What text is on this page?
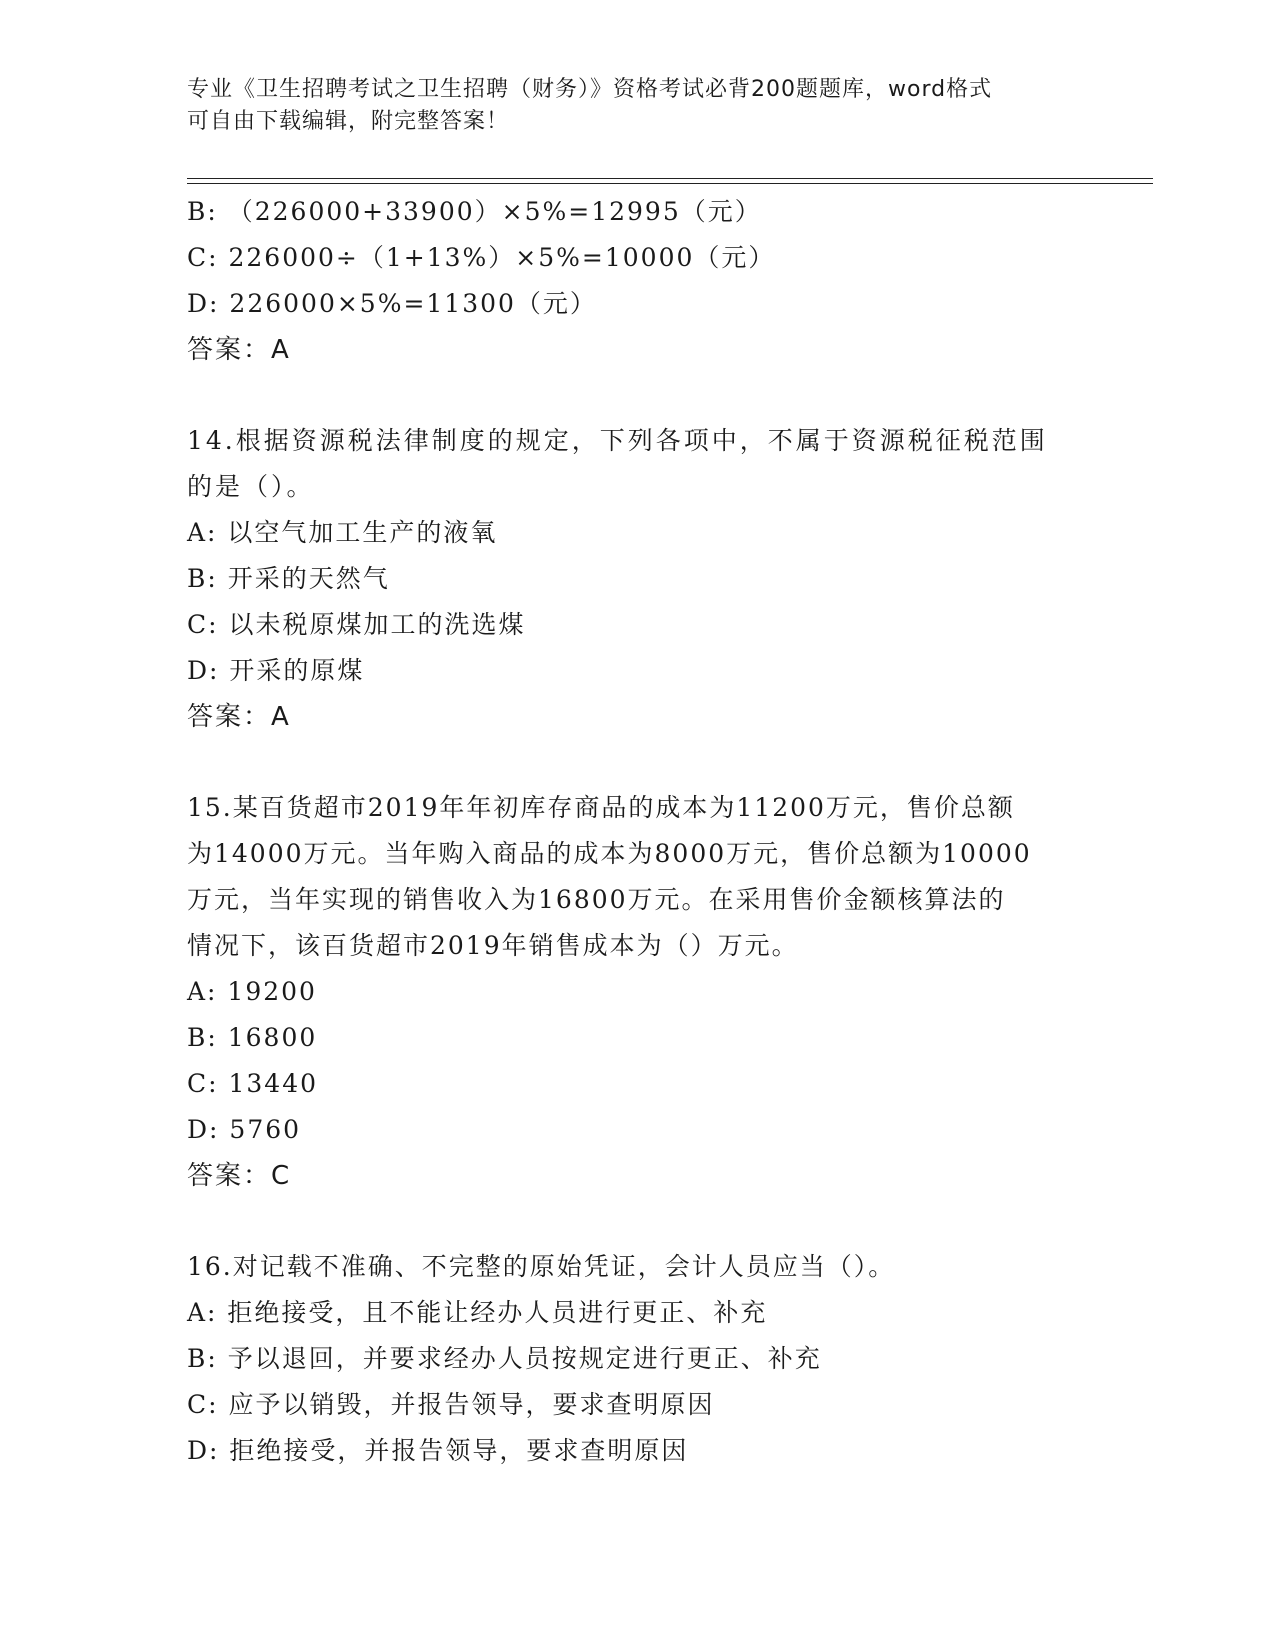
专业《卫生招聘考试之卫生招聘（财务）》资格考试必背200题题库，word格式
可自由下载编辑，附完整答案！
B: （226000+33900）×5%=12995（元）
C: 226000÷（1+13%）×5%=10000（元）
D: 226000×5%=11300（元）
答案：A
14.根据资源税法律制度的规定，下列各项中，不属于资源税征税范围
的是（）。
A: 以空气加工生产的液氧
B: 开采的天然气
C: 以未税原煤加工的洗选煤
D: 开采的原煤
答案：A
15.某百货超市2019年年初库存商品的成本为11200万元，售价总额
为14000万元。当年购入商品的成本为8000万元，售价总额为10000
万元，当年实现的销售收入为16800万元。在采用售价金额核算法的
情况下，该百货超市2019年销售成本为（）万元。
A: 19200
B: 16800
C: 13440
D: 5760
答案：C
16.对记载不准确、不完整的原始凭证，会计人员应当（）。
A: 拒绝接受，且不能让经办人员进行更正、补充
B: 予以退回，并要求经办人员按规定进行更正、补充
C: 应予以销毁，并报告领导，要求查明原因
D: 拒绝接受，并报告领导，要求查明原因
